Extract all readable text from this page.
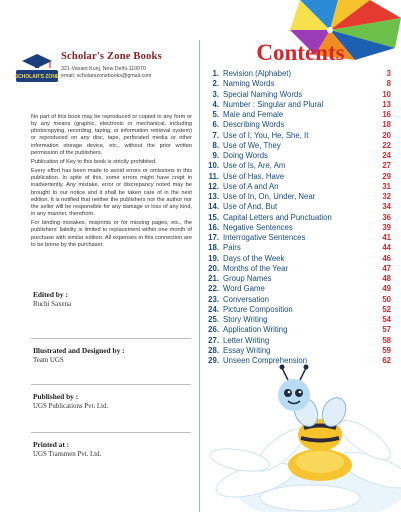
SCHOLAR'S ZONE
Scholar's Zone Books
321-Vasant Kunj, New Delhi-110070
email: scholarszonebooks@gmail.com

No part of this book may be reproduced or copied in any form or by any means (graphic, electronic or mechanical, including photocopying, recording, taping, or information retrieval system) or reproduced on any disc, tape, perforated media or other information storage device, etc., without the prior written permission of the publishers.

Publication of Key to this book is strictly prohibited.

Every effort has been made to avoid errors or omissions in this publication. In spite of this, some errors might have crept in inadvertently. Any mistake, error or discrepancy noted may be brought to our notice and it shall be taken care of in the next edition. It is notified that neither the publishers nor the author nor the seller will be responsible for any damage or loss of any kind, in any manner, therefrom.

For binding mistakes, misprints or for missing pages, etc., the publishers' liability is limited to replacement within one month of purchase with similar edition. All expenses in this connection are to be borne by the purchaser.

Edited by :
Ruchi Saxena
Illustrated and Designed by :
Team UGS
Published by :
UGS Publications Pvt. Ltd.
Printed at :
UGS Transmen Pvt. Ltd.
Contents
1. Revision (Alphabet)	3
2. Naming Words	8
3. Special Naming Words	10
4. Number : Singular and Plural	13
5. Male and Female	16
6. Describing Words	18
7. Use of I, You, He, She, It	20
8. Use of We, They	22
9. Doing Words	24
10. Use of Is, Are, Am	27
11. Use of Has, Have	29
12. Use of A and An	31
13. Use of In, On, Under, Near	32
14. Use of And, But	34
15. Capital Letters and Punctuation	36
16. Negative Sentences	39
17. Interrogative Sentences	41
18. Pairs	44
19. Days of the Week	46
20. Months of the Year	47
21. Group Names	48
22. Word Game	49
23. Conversation	50
24. Picture Composition	52
25. Story Writing	54
26. Application Writing	57
27. Letter Writing	58
28. Essay Writing	59
29. Unseen Comprehension	62
